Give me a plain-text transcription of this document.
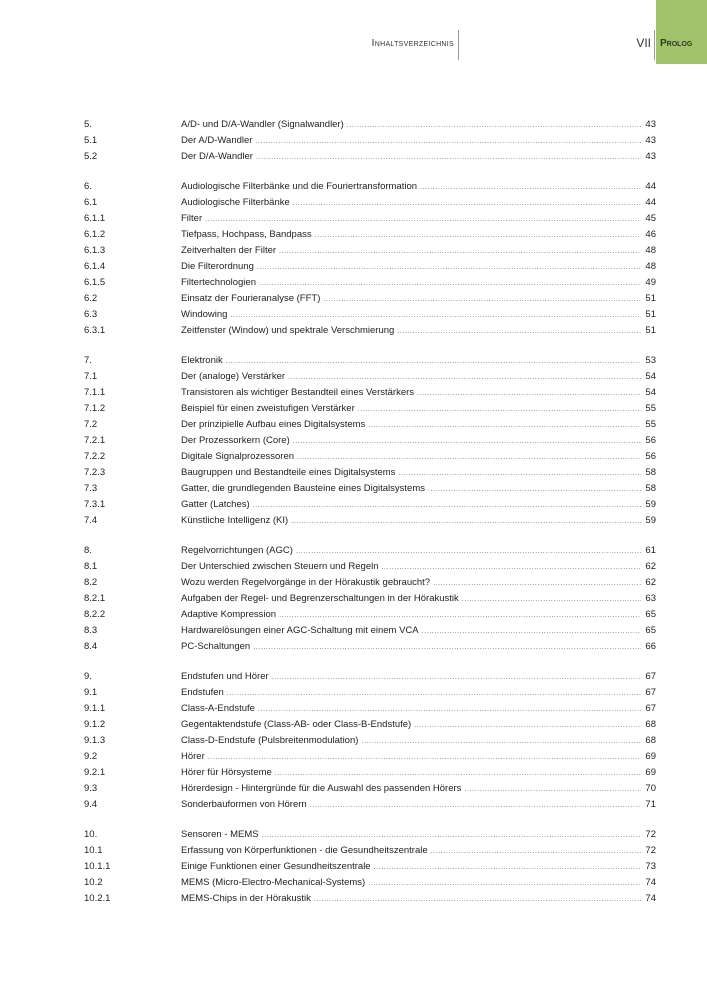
Inhaltsverzeichnis	VII Prolog
5.	A/D- und D/A-Wandler (Signalwandler) .....	43
5.1	Der A/D-Wandler .....	43
5.2	Der D/A-Wandler .....	43
6.	Audiologische Filterbänke und die Fouriertransformation .....	44
6.1	Audiologische Filterbänke .....	44
6.1.1	Filter .....	45
6.1.2	Tiefpass, Hochpass, Bandpass .....	46
6.1.3	Zeitverhalten der Filter .....	48
6.1.4	Die Filterordnung .....	48
6.1.5	Filtertechnologien .....	49
6.2	Einsatz der Fourieranalyse (FFT) .....	51
6.3	Windowing .....	51
6.3.1	Zeitfenster (Window) und spektrale Verschmierung .....	51
7.	Elektronik .....	53
7.1	Der (analoge) Verstärker .....	54
7.1.1	Transistoren als wichtiger Bestandteil eines Verstärkers .....	54
7.1.2	Beispiel für einen zweistufigen Verstärker .....	55
7.2	Der prinzipielle Aufbau eines Digitalsystems .....	55
7.2.1	Der Prozessorkern (Core) .....	56
7.2.2	Digitale Signalprozessoren .....	56
7.2.3	Baugruppen und Bestandteile eines Digitalsystems .....	58
7.3	Gatter, die grundlegenden Bausteine eines Digitalsystems .....	58
7.3.1	Gatter (Latches) .....	59
7.4	Künstliche Intelligenz (KI) .....	59
8.	Regelvorrichtungen (AGC) .....	61
8.1	Der Unterschied zwischen Steuern und Regeln .....	62
8.2	Wozu werden Regelvorgänge in der Hörakustik gebraucht? .....	62
8.2.1	Aufgaben der Regel- und Begrenzerschaltungen in der Hörakustik .....	63
8.2.2	Adaptive Kompression .....	65
8.3	Hardwarelösungen einer AGC-Schaltung mit einem VCA .....	65
8.4	PC-Schaltungen .....	66
9.	Endstufen und Hörer .....	67
9.1	Endstufen .....	67
9.1.1	Class-A-Endstufe .....	67
9.1.2	Gegentaktendstufe (Class-AB- oder Class-B-Endstufe) .....	68
9.1.3	Class-D-Endstufe (Pulsbreitenmodulation) .....	68
9.2	Hörer .....	69
9.2.1	Hörer für Hörsysteme .....	69
9.3	Hörerdesign - Hintergründe für die Auswahl des passenden Hörers .....	70
9.4	Sonderbauformen von Hörern .....	71
10.	Sensoren - MEMS .....	72
10.1	Erfassung von Körperfunktionen - die Gesundheitszentrale .....	72
10.1.1	Einige Funktionen einer Gesundheitszentrale .....	73
10.2	MEMS (Micro-Electro-Mechanical-Systems) .....	74
10.2.1	MEMS-Chips in der Hörakustik .....	74
